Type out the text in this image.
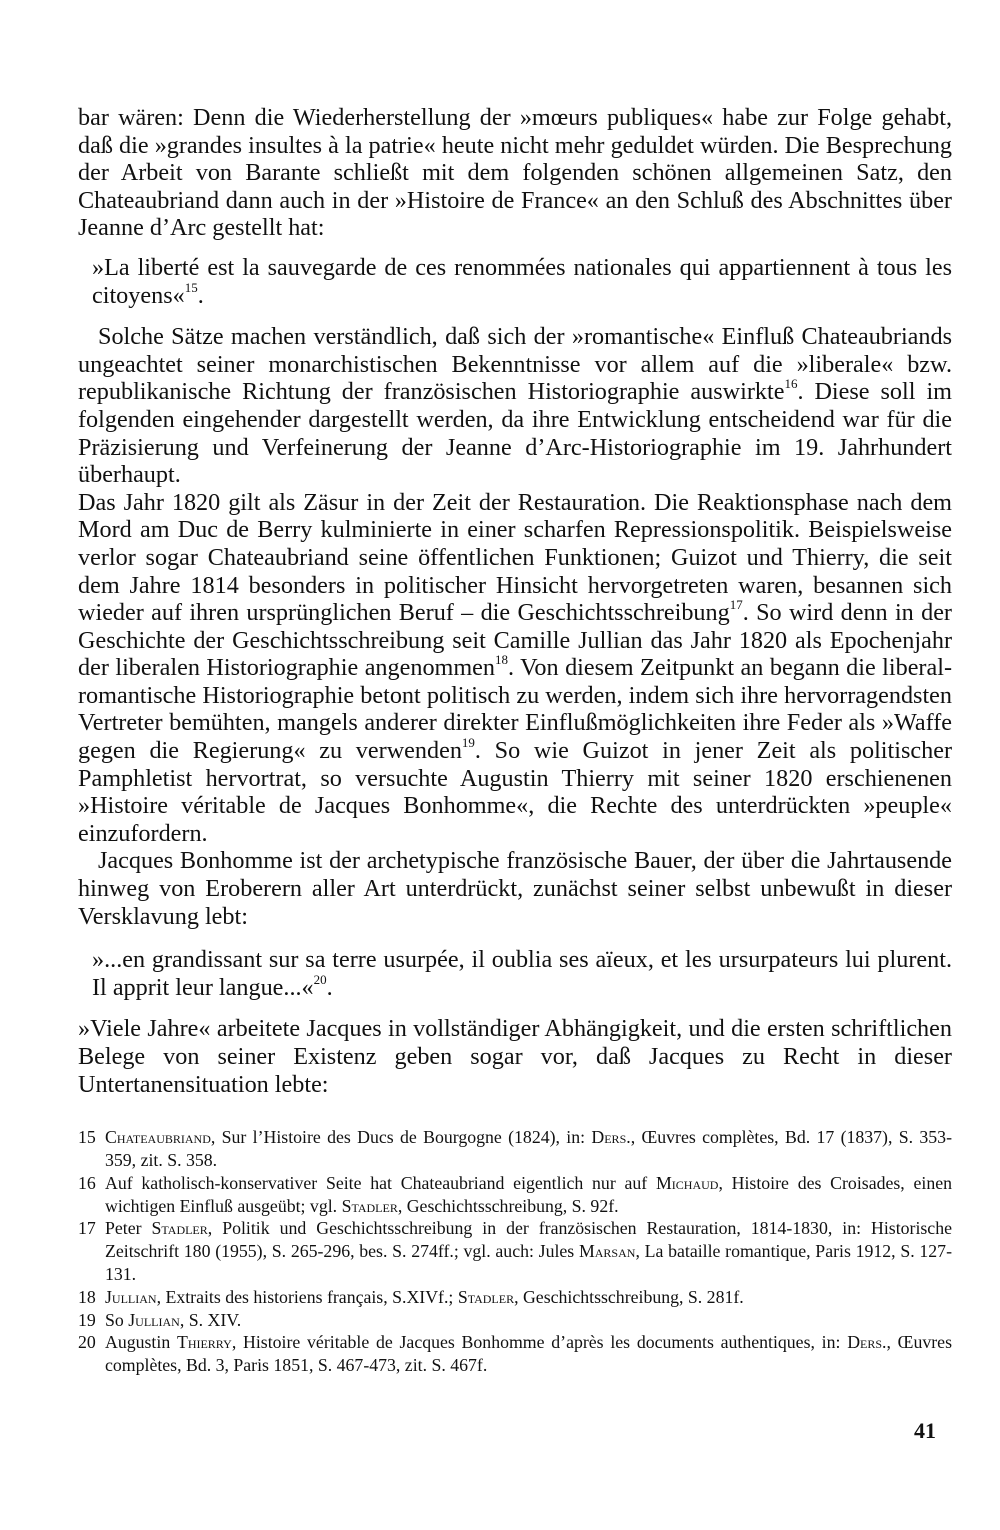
bar wären: Denn die Wiederherstellung der »mœurs publiques« habe zur Folge gehabt, daß die »grandes insultes à la patrie« heute nicht mehr geduldet würden. Die Besprechung der Arbeit von Barante schließt mit dem folgenden schönen allgemeinen Satz, den Chateaubriand dann auch in der »Histoire de France« an den Schluß des Abschnittes über Jeanne d’Arc gestellt hat:

»La liberté est la sauvegarde de ces renommées nationales qui appartiennent à tous les citoyens«$^{15}$.

Solche Sätze machen verständlich, daß sich der »romantische« Einfluß Chateaubriands ungeachtet seiner monarchistischen Bekenntnisse vor allem auf die »liberale« bzw. republikanische Richtung der französischen Historiographie auswirkte$^{16}$. Diese soll im folgenden eingehender dargestellt werden, da ihre Entwicklung entscheidend war für die Präzisierung und Verfeinerung der Jeanne d’Arc-Historiographie im 19. Jahrhundert überhaupt.

Das Jahr 1820 gilt als Zäsur in der Zeit der Restauration. Die Reaktionsphase nach dem Mord am Duc de Berry kulminierte in einer scharfen Repressionspolitik. Beispielsweise verlor sogar Chateaubriand seine öffentlichen Funktionen; Guizot und Thierry, die seit dem Jahre 1814 besonders in politischer Hinsicht hervorgetreten waren, besannen sich wieder auf ihren ursprünglichen Beruf – die Geschichtsschreibung$^{17}$. So wird denn in der Geschichte der Geschichtsschreibung seit Camille Jullian das Jahr 1820 als Epochenjahr der liberalen Historiographie angenommen$^{18}$. Von diesem Zeitpunkt an begann die liberal-romantische Historiographie betont politisch zu werden, indem sich ihre hervorragendsten Vertreter bemühten, mangels anderer direkter Einflußmöglichkeiten ihre Feder als »Waffe gegen die Regierung« zu verwenden$^{19}$. So wie Guizot in jener Zeit als politischer Pamphletist hervortrat, so versuchte Augustin Thierry mit seiner 1820 erschienenen »Histoire véritable de Jacques Bonhomme«, die Rechte des unterdrückten »peuple« einzufordern.

Jacques Bonhomme ist der archetypische französische Bauer, der über die Jahrtausende hinweg von Eroberern aller Art unterdrückt, zunächst seiner selbst unbewußt in dieser Versklavung lebt:

»...en grandissant sur sa terre usurpée, il oublia ses aïeux, et les ursurpateurs lui plurent. Il apprit leur langue...«$^{20}$.

»Viele Jahre« arbeitete Jacques in vollständiger Abhängigkeit, und die ersten schriftlichen Belege von seiner Existenz geben sogar vor, daß Jacques zu Recht in dieser Untertanensituation lebte:

15 Chateaubriand, Sur l’Histoire des Ducs de Bourgogne (1824), in: Ders., Œuvres complètes, Bd. 17 (1837), S. 353-359, zit. S. 358.

16 Auf katholisch-konservativer Seite hat Chateaubriand eigentlich nur auf Michaud, Histoire des Croisades, einen wichtigen Einfluß ausgeübt; vgl. Stadler, Geschichtsschreibung, S. 92f.

17 Peter Stadler, Politik und Geschichtsschreibung in der französischen Restauration, 1814-1830, in: Historische Zeitschrift 180 (1955), S. 265-296, bes. S. 274ff.; vgl. auch: Jules Marsan, La bataille romantique, Paris 1912, S. 127-131.

18 Jullian, Extraits des historiens français, S.XIVf.; Stadler, Geschichtsschreibung, S. 281f.

19 So Jullian, S. XIV.

20 Augustin Thierry, Histoire véritable de Jacques Bonhomme d’après les documents authentiques, in: Ders., Œuvres complètes, Bd. 3, Paris 1851, S. 467-473, zit. S. 467f.

41
